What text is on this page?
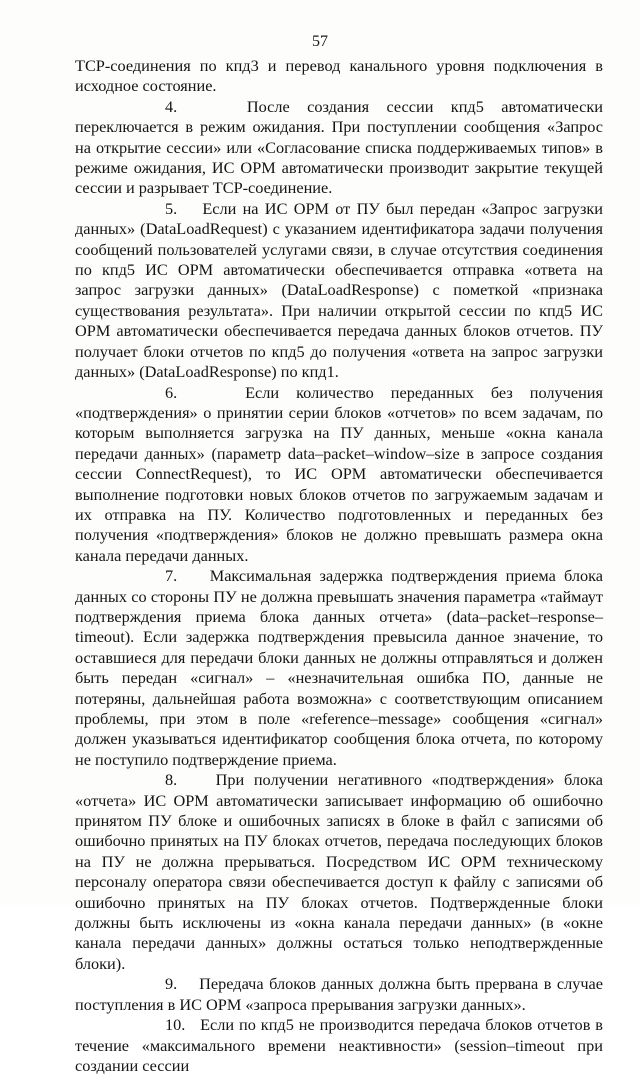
57

TCP-соединения по кпд3 и перевод канального уровня подключения в исходное состояние.

4.	После создания сессии кпд5 автоматически переключается в режим ожидания. При поступлении сообщения «Запрос на открытие сессии» или «Согласование списка поддерживаемых типов» в режиме ожидания, ИС ОРМ автоматически производит закрытие текущей сессии и разрывает TCP-соединение.

5. Если на ИС ОРМ от ПУ был передан «Запрос загрузки данных» (DataLoadRequest) с указанием идентификатора задачи получения сообщений пользователей услугами связи, в случае отсутствия соединения по кпд5 ИС ОРМ автоматически обеспечивается отправка «ответа на запрос загрузки данных» (DataLoadResponse) с пометкой «признака существования результата». При наличии открытой сессии по кпд5 ИС ОРМ автоматически обеспечивается передача данных блоков отчетов. ПУ получает блоки отчетов по кпд5 до получения «ответа на запрос загрузки данных» (DataLoadResponse) по кпд1.

6.	Если количество переданных без получения «подтверждения» о принятии серии блоков «отчетов» по всем задачам, по которым выполняется загрузка на ПУ данных, меньше «окна канала передачи данных» (параметр data–packet–window–size в запросе создания сессии ConnectRequest), то ИС ОРМ автоматически обеспечивается выполнение подготовки новых блоков отчетов по загружаемым задачам и их отправка на ПУ. Количество подготовленных и переданных без получения «подтверждения» блоков не должно превышать размера окна канала передачи данных.

7. Максимальная задержка подтверждения приема блока данных со стороны ПУ не должна превышать значения параметра «таймаут подтверждения приема блока данных отчета» (data–packet–response–timeout). Если задержка подтверждения превысила данное значение, то оставшиеся для передачи блоки данных не должны отправляться и должен быть передан «сигнал» – «незначительная ошибка ПО, данные не потеряны, дальнейшая работа возможна» с соответствующим описанием проблемы, при этом в поле «reference–message» сообщения «сигнал» должен указываться идентификатор сообщения блока отчета, по которому не поступило подтверждение приема.

8. При получении негативного «подтверждения» блока «отчета» ИС ОРМ автоматически записывает информацию об ошибочно принятом ПУ блоке и ошибочных записях в блоке в файл с записями об ошибочно принятых на ПУ блоках отчетов, передача последующих блоков на ПУ не должна прерываться. Посредством ИС ОРМ техническому персоналу оператора связи обеспечивается доступ к файлу с записями об ошибочно принятых на ПУ блоках отчетов. Подтвержденные блоки должны быть исключены из «окна канала передачи данных» (в «окне канала передачи данных» должны остаться только неподтвержденные блоки).

9. Передача блоков данных должна быть прервана в случае поступления в ИС ОРМ «запроса прерывания загрузки данных».

10. Если по кпд5 не производится передача блоков отчетов в течение «максимального времени неактивности» (session–timeout при создании сессии
